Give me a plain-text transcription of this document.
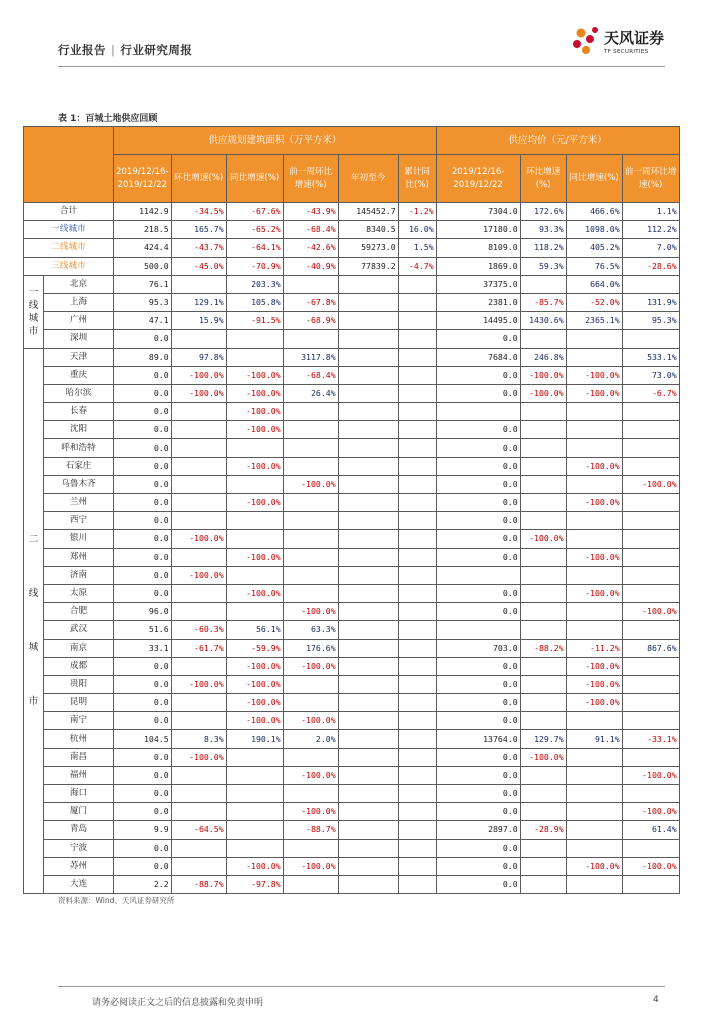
行业报告 | 行业研究周报
天风证券
TF SECURITIES
表 1：百城土地供应回顾
		供应规划建筑面积（万平方米）						供应均价（元/平方米）			
		2019/12/16-2019/12/22	环比增速(%)	同比增速(%)	前一周环比增速(%)	年初至今	累计同比(%)	2019/12/16-2019/12/22	环比增速(%)	同比增速(%)	前一周环比增速(%)
合计		1142.9	-34.5%	-67.6%	-43.9%	145452.7	-1.2%	7304.0	172.6%	466.6%	1.1%
一线城市		218.5	165.7%	-65.2%	-68.4%	8340.5	16.0%	17180.0	93.3%	1098.0%	112.2%
二线城市		424.4	-43.7%	-64.1%	-42.6%	59273.0	1.5%	8109.0	118.2%	405.2%	7.0%
三线城市		500.0	-45.0%	-70.9%	-40.9%	77839.2	-4.7%	1869.0	59.3%	76.5%	-28.6%

一
线
城
市	北京	76.1		203.3%				37375.0		664.0%	
	上海	95.3	129.1%	105.8%	-67.8%			2381.0	-85.7%	-52.0%	131.9%
	广州	47.1	15.9%	-91.5%	-68.9%			14495.0	1430.6%	2365.1%	95.3%
	深圳	0.0						0.0			

二
线
城
市	天津	89.0	97.8%		3117.8%			7684.0	246.8%		533.1%
	重庆	0.0	-100.0%	-100.0%	-68.4%			0.0	-100.0%	-100.0%	73.0%
	哈尔滨	0.0	-100.0%	-100.0%	26.4%			0.0	-100.0%	-100.0%	-6.7%
	长春	0.0		-100.0%							
	沈阳	0.0		-100.0%				0.0			
	呼和浩特	0.0						0.0			
	石家庄	0.0		-100.0%				0.0		-100.0%	
	乌鲁木齐	0.0			-100.0%			0.0			-100.0%
	兰州	0.0		-100.0%				0.0		-100.0%	
	西宁	0.0						0.0			
	银川	0.0	-100.0%					0.0	-100.0%		
	郑州	0.0		-100.0%				0.0		-100.0%	
	济南	0.0	-100.0%								
	太原	0.0		-100.0%				0.0		-100.0%	
	合肥	96.0			-100.0%			0.0			-100.0%
	武汉	51.6	-60.3%	56.1%	63.3%						
	南京	33.1	-61.7%	-59.9%	176.6%			703.0	-88.2%	-11.2%	867.6%
	成都	0.0		-100.0%	-100.0%			0.0		-100.0%	
	贵阳	0.0	-100.0%	-100.0%				0.0		-100.0%	
	昆明	0.0		-100.0%				0.0		-100.0%	
	南宁	0.0		-100.0%	-100.0%			0.0			
	杭州	104.5	8.3%	190.1%	2.0%			13764.0	129.7%	91.1%	-33.1%
	南昌	0.0	-100.0%					0.0	-100.0%		
	福州	0.0			-100.0%			0.0			-100.0%
	海口	0.0						0.0			
	厦门	0.0			-100.0%			0.0			-100.0%
	青岛	9.9	-64.5%		-88.7%			2897.0	-28.9%		61.4%
	宁波	0.0						0.0			
	苏州	0.0		-100.0%	-100.0%			0.0		-100.0%	-100.0%
	大连	2.2	-88.7%	-97.8%				0.0			
资料来源：Wind、天风证券研究所
请务必阅读正文之后的信息披露和免责申明	4
